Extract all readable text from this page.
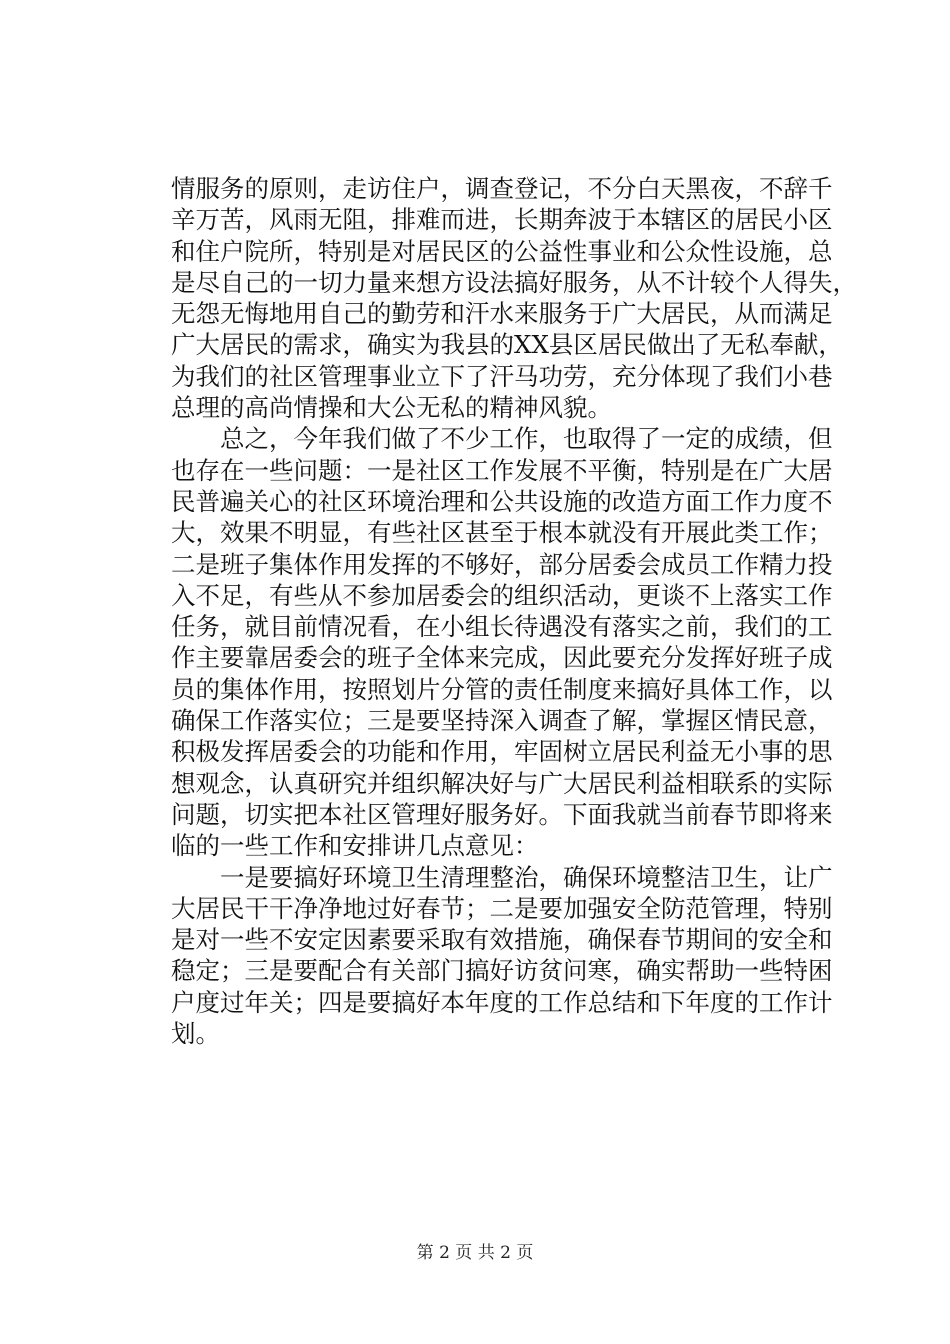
情服务的原则，走访住户，调查登记，不分白天黑夜，不辞千
辛万苦，风雨无阻，排难而进，长期奔波于本辖区的居民小区
和住户院所，特别是对居民区的公益性事业和公众性设施，总
是尽自己的一切力量来想方设法搞好服务，从不计较个人得失，
无怨无悔地用自己的勤劳和汗水来服务于广大居民，从而满足
广大居民的需求，确实为我县的XX县区居民做出了无私奉献，
为我们的社区管理事业立下了汗马功劳，充分体现了我们小巷
总理的高尚情操和大公无私的精神风貌。
　　总之，今年我们做了不少工作，也取得了一定的成绩，但
也存在一些问题：一是社区工作发展不平衡，特别是在广大居
民普遍关心的社区环境治理和公共设施的改造方面工作力度不
大，效果不明显，有些社区甚至于根本就没有开展此类工作；
二是班子集体作用发挥的不够好，部分居委会成员工作精力投
入不足，有些从不参加居委会的组织活动，更谈不上落实工作
任务，就目前情况看，在小组长待遇没有落实之前，我们的工
作主要靠居委会的班子全体来完成，因此要充分发挥好班子成
员的集体作用，按照划片分管的责任制度来搞好具体工作，以
确保工作落实位；三是要坚持深入调查了解，掌握区情民意，
积极发挥居委会的功能和作用，牢固树立居民利益无小事的思
想观念，认真研究并组织解决好与广大居民利益相联系的实际
问题，切实把本社区管理好服务好。下面我就当前春节即将来
临的一些工作和安排讲几点意见：
　　一是要搞好环境卫生清理整治，确保环境整洁卫生，让广
大居民干干净净地过好春节；二是要加强安全防范管理，特别
是对一些不安定因素要采取有效措施，确保春节期间的安全和
稳定；三是要配合有关部门搞好访贫问寒，确实帮助一些特困
户度过年关；四是要搞好本年度的工作总结和下年度的工作计
划。
第 2 页 共 2 页
